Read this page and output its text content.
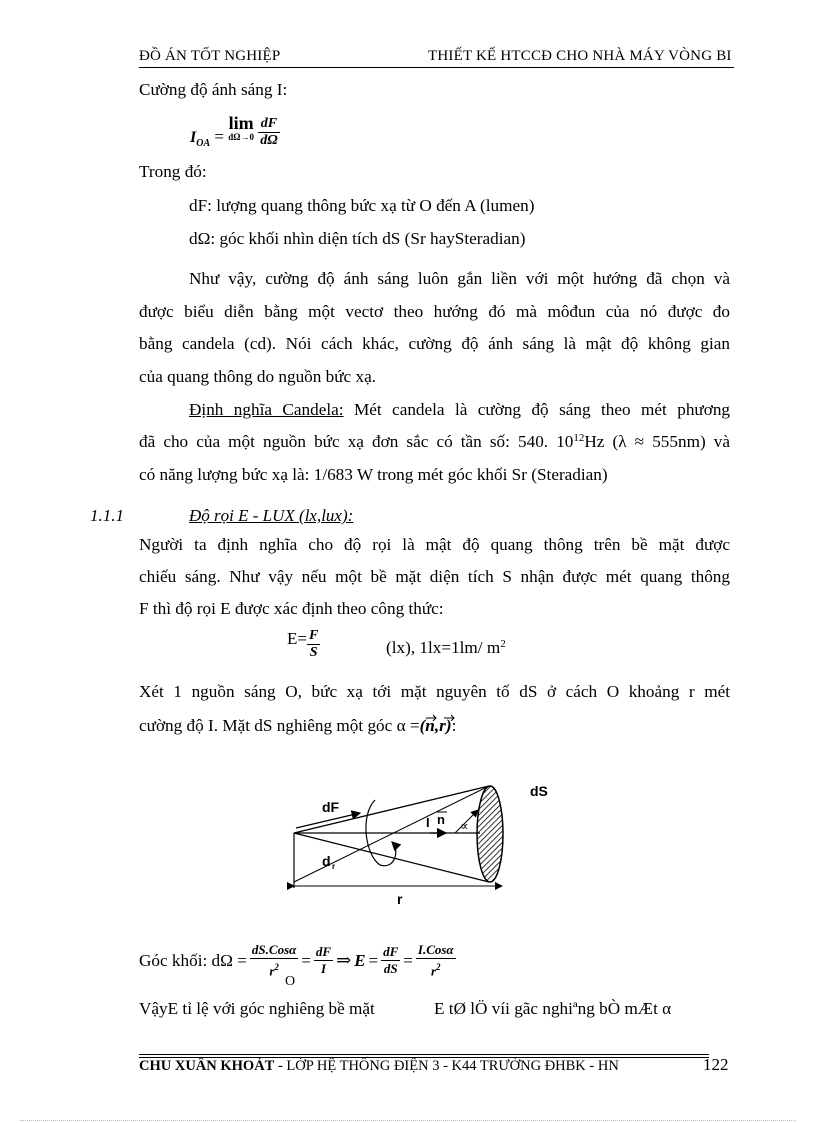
ĐỒ ÁN TỐT NGHIỆP	THIẾT KẾ HTCCĐ CHO NHÀ MÁY VÒNG BI
Cường độ ánh sáng I:
$I_{OA}$ =
lim
dΩ→0
$\frac{dF}{d\Omega}$
Trong đó:
dF: lượng quang thông bức xạ từ O đến A (lumen)
dΩ: góc khối nhìn diện tích dS (Sr haySteradian)
Như vậy, cường độ ánh sáng luôn gắn liền với một hướng đã chọn và
được biểu diễn bằng một vectơ theo hướng đó mà môđun của nó được đo
bằng candela (cd). Nói cách khác, cường độ ánh sáng là mật độ không gian
của quang thông do nguồn bức xạ.
Định nghĩa Candela: Mét candela là cường độ sáng theo mét phương
đã cho của một nguồn bức xạ đơn sắc có tần số: 540. $10^{12}Hz$ (λ ≈ 555nm) và
có năng lượng bức xạ là: 1/683 W trong mét góc khối Sr (Steradian)
1.1.1	Độ rọi E - LUX (lx,lux):
Người ta định nghĩa cho độ rọi là mật độ quang thông trên bề mặt được
chiếu sáng. Như vậy nếu một bề mặt diện tích S nhận được mét quang thông
F thì độ rọi E được xác định theo công thức:
$E= \frac{F}{S}$	(lx), 1lx=1lm/ $m^2$
Xét 1 nguồn sáng O, bức xạ tới mặt nguyên tố dS ở cách O khoảng r mét
cường độ I. Mặt dS nghiêng một góc α =(n,r)
:
dS
dF
I n ∝
d r
r
Góc khối: $d\Omega = \frac{\text{dS.Cosα}}{r^2} = \frac{dF}{I}$ ⇒ $E = \frac{dF}{dS} = \frac{\text{I.Cosα}}{r^2}$
O
VậyE tỉ lệ với góc nghiêng bề mặt	E tØ lÖ víi gãc nghiªng bÒ mÆt α
CHU XUÂN KHOÁT - LỚP HỆ THỐNG ĐIỆN 3 - K44 TRƯỜNG ĐHBK - HN	122
